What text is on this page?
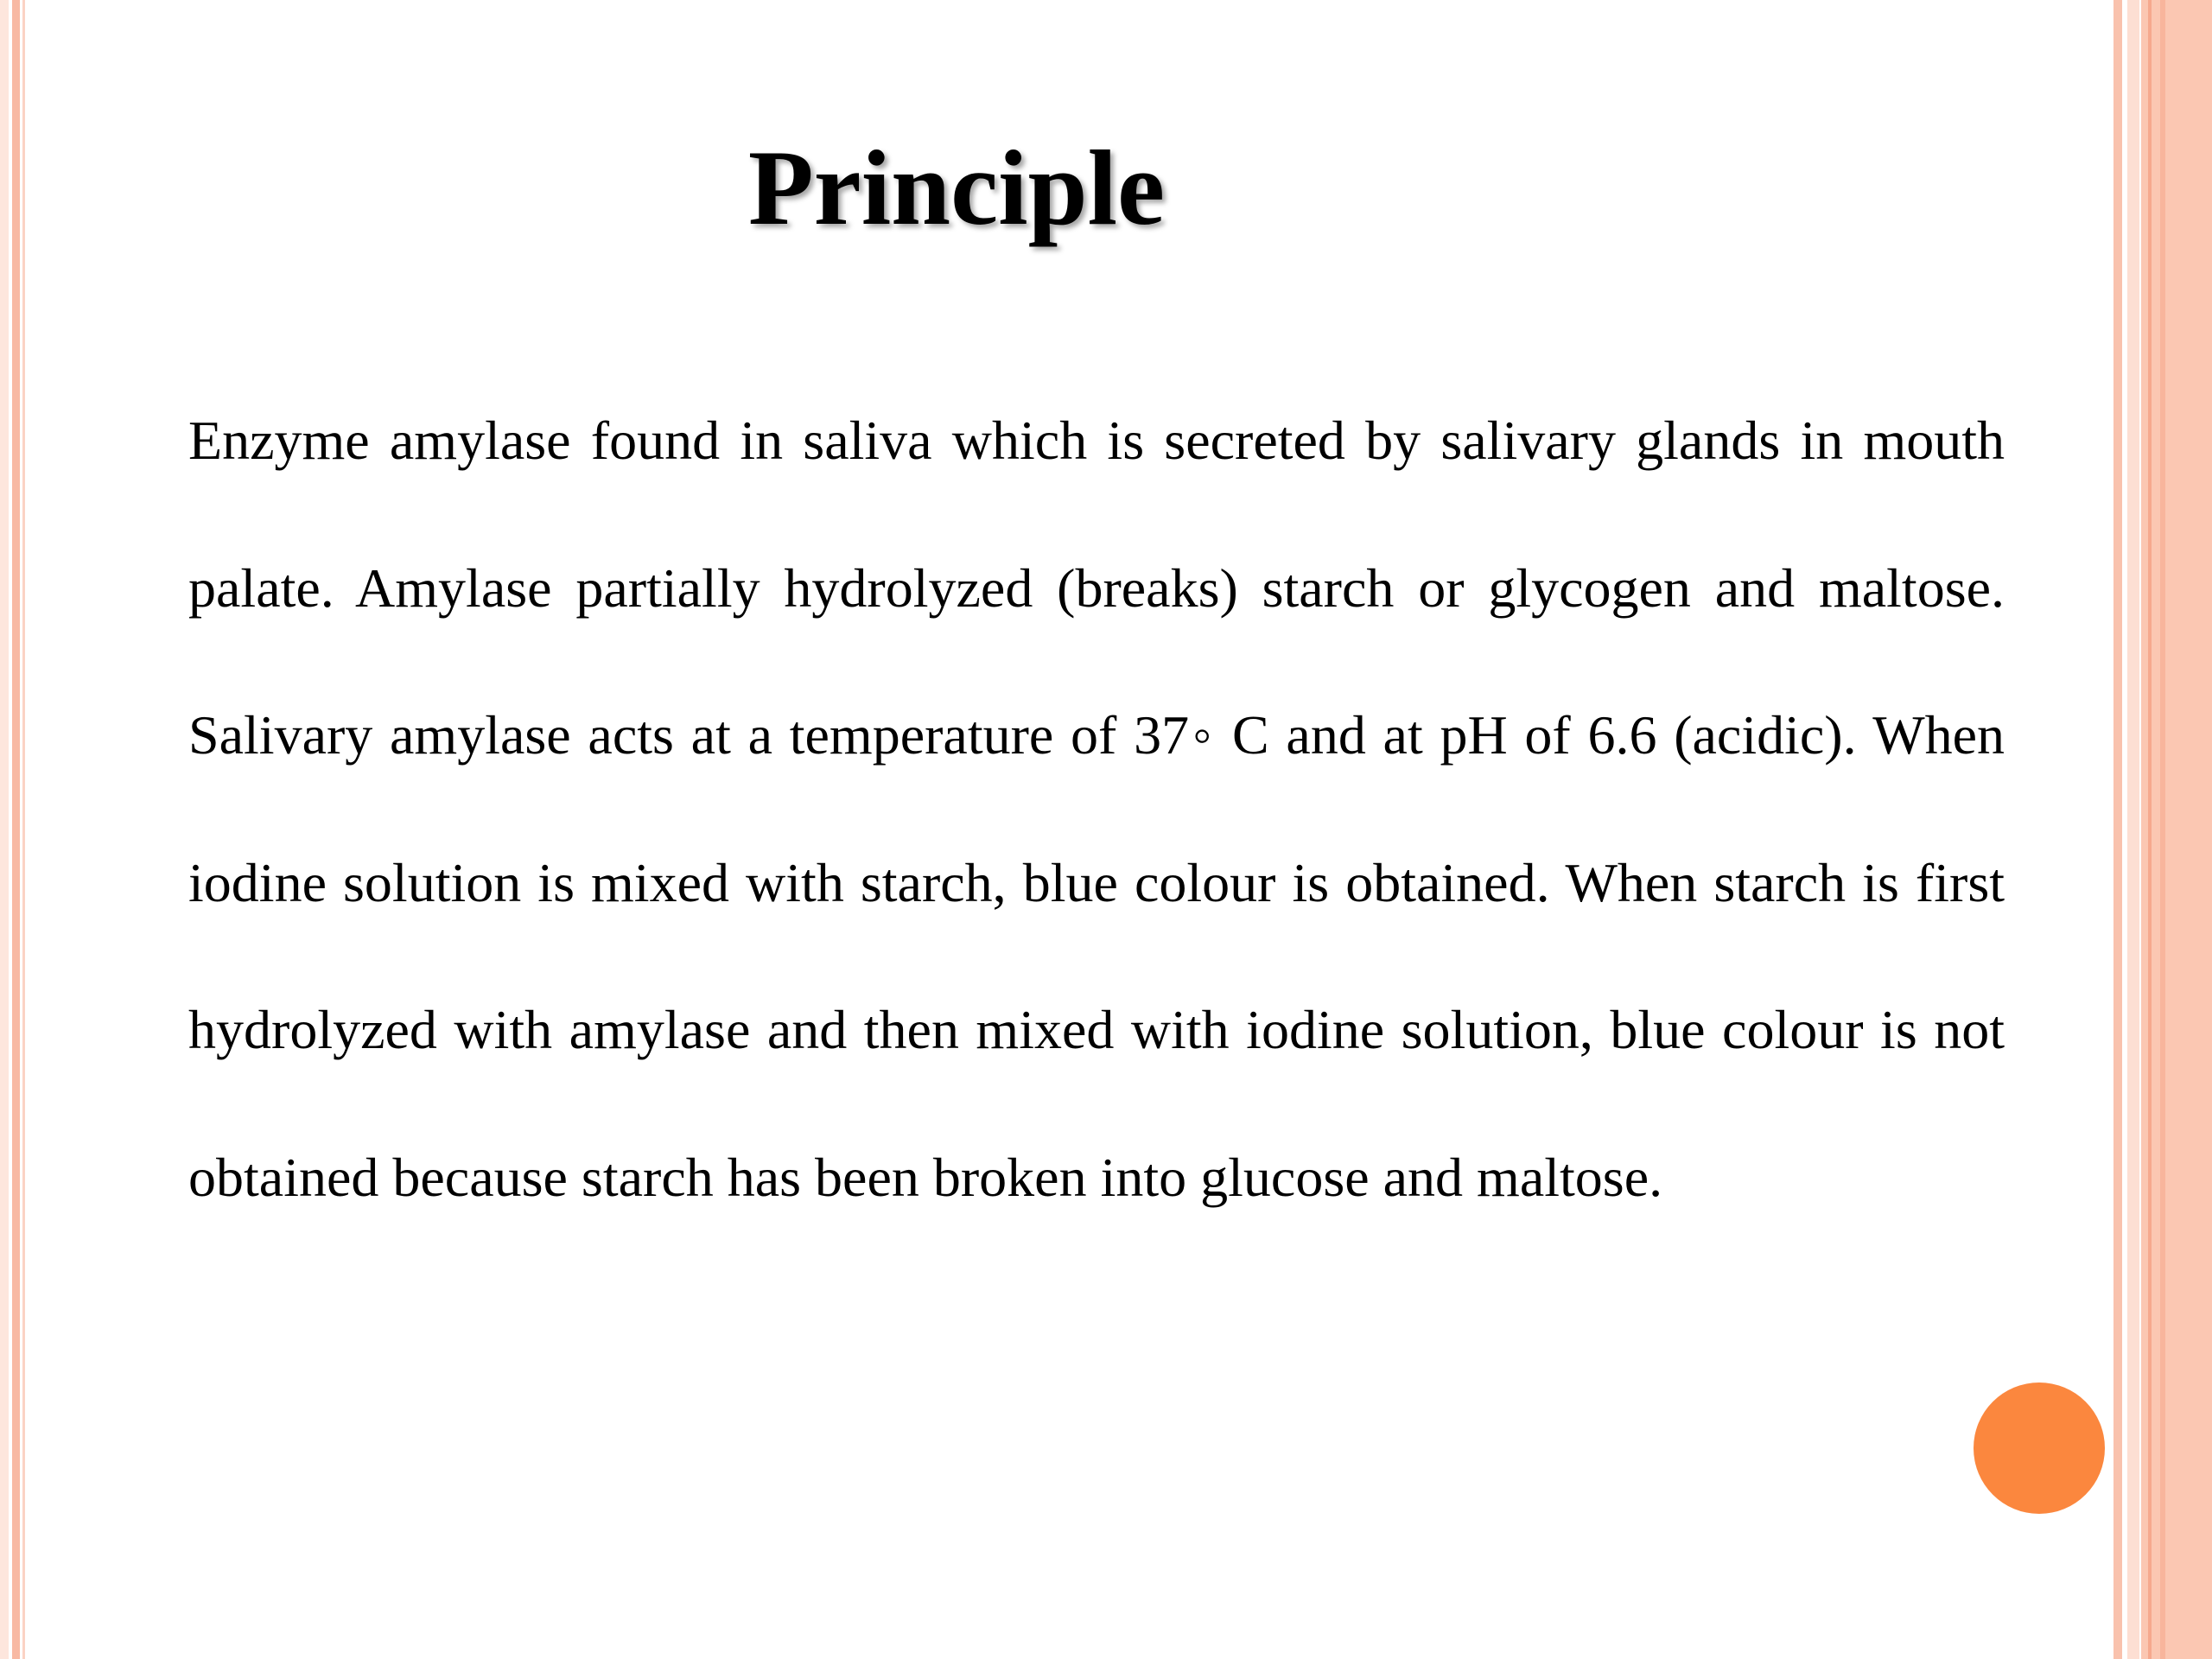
Principle

Enzyme amylase found in saliva which is secreted by salivary glands in mouth palate. Amylase partially hydrolyzed (breaks) starch or glycogen and maltose. Salivary amylase acts at a temperature of 37◦ C and at pH of 6.6 (acidic). When iodine solution is mixed with starch, blue colour is obtained. When starch is first hydrolyzed with amylase and then mixed with iodine solution, blue colour is not obtained because starch has been broken into glucose and maltose.
